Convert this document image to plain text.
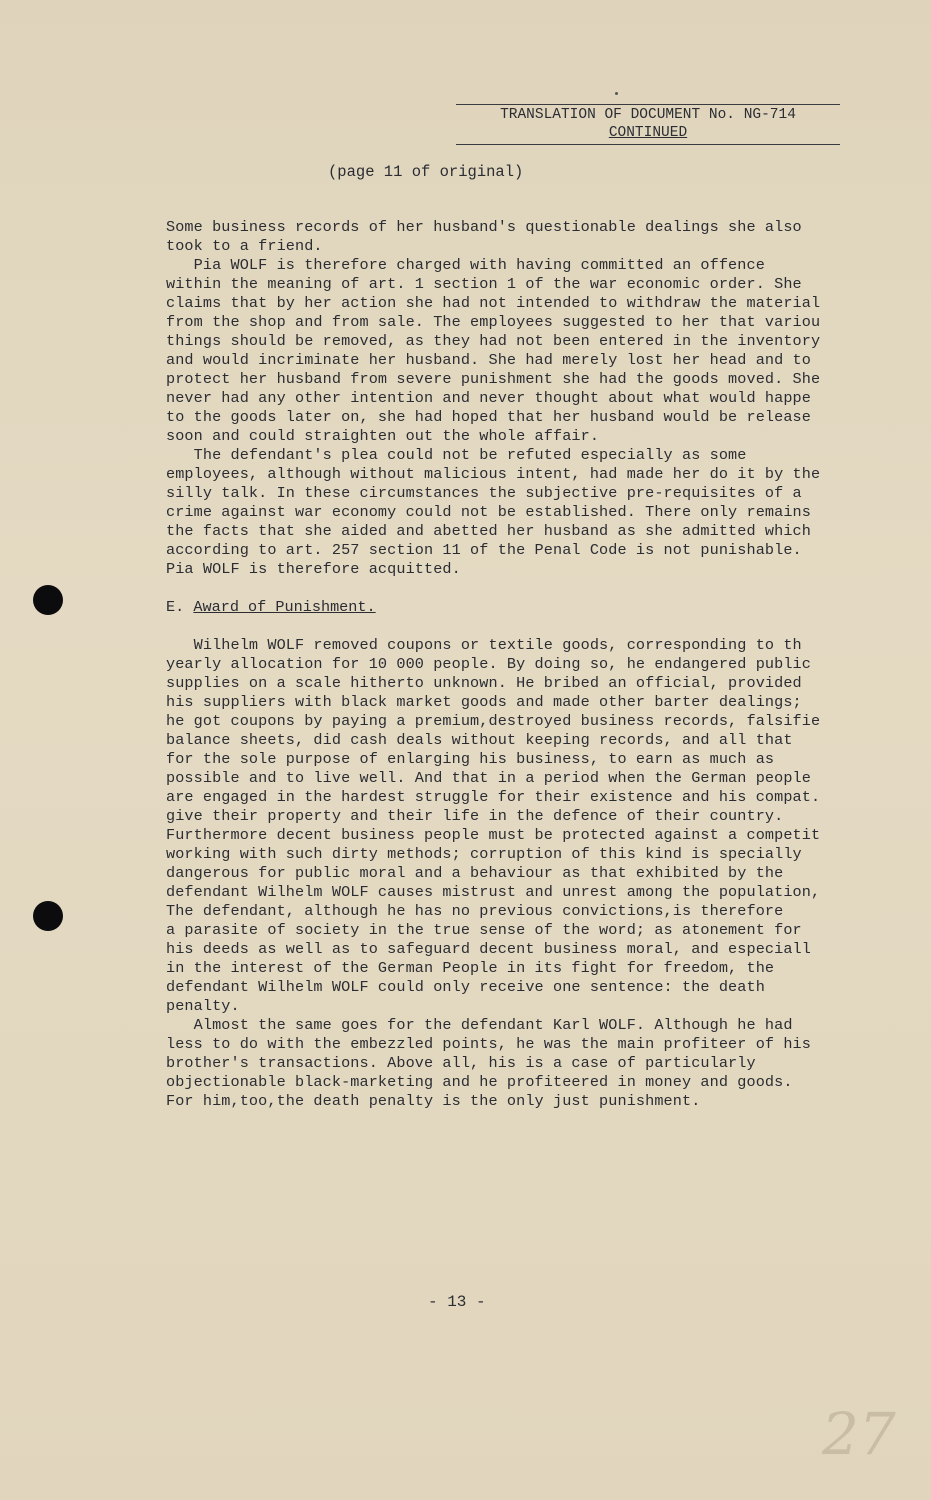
TRANSLATION OF DOCUMENT No. NG-714
CONTINUED
(page 11 of original)
Some business records of her husband's questionable dealings she also
took to a friend.
Pia WOLF is therefore charged with having committed an offence
within the meaning of art. 1 section 1 of the war economic order. She
claims that by her action she had not intended to withdraw the material
from the shop and from sale. The employees suggested to her that variou
things should be removed, as they had not been entered in the inventory
and would incriminate her husband. She had merely lost her head and to
protect her husband from severe punishment she had the goods moved. She
never had any other intention and never thought about what would happe
to the goods later on, she had hoped that her husband would be release
soon and could straighten out the whole affair.
The defendant's plea could not be refuted especially as some
employees, although without malicious intent, had made her do it by the
silly talk. In these circumstances the subjective pre-requisites of a
crime against war economy could not be established. There only remains
the facts that she aided and abetted her husband as she admitted which
according to art. 257 section 11 of the Penal Code is not punishable.
Pia WOLF is therefore acquitted.
E. Award of Punishment.
Wilhelm WOLF removed coupons or textile goods, corresponding to th
yearly allocation for 10 000 people. By doing so, he endangered public
supplies on a scale hitherto unknown. He bribed an official, provided
his suppliers with black market goods and made other barter dealings;
he got coupons by paying a premium,destroyed business records, falsifie
balance sheets, did cash deals without keeping records, and all that
for the sole purpose of enlarging his business, to earn as much as
possible and to live well. And that in a period when the German people
are engaged in the hardest struggle for their existence and his compat.
give their property and their life in the defence of their country.
Furthermore decent business people must be protected against a competit
working with such dirty methods; corruption of this kind is specially
dangerous for public moral and a behaviour as that exhibited by the
defendant Wilhelm WOLF causes mistrust and unrest among the population,
The defendant, although he has no previous convictions,is therefore
a parasite of society in the true sense of the word; as atonement for
his deeds as well as to safeguard decent business moral, and especiall
in the interest of the German People in its fight for freedom, the
defendant Wilhelm WOLF could only receive one sentence: the death
penalty.
Almost the same goes for the defendant Karl WOLF. Although he had
less to do with the embezzled points, he was the main profiteer of his
brother's transactions. Above all, his is a case of particularly
objectionable black-marketing and he profiteered in money and goods.
For him,too,the death penalty is the only just punishment.
- 13 -
27
